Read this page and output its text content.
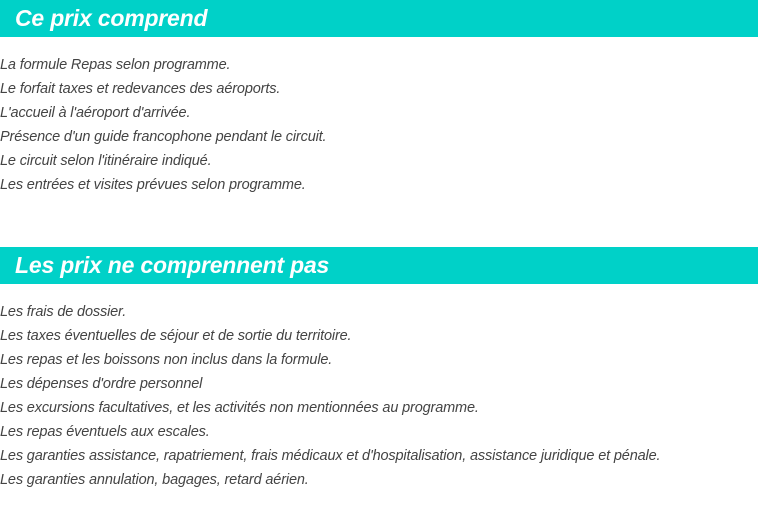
Ce prix comprend
La formule Repas selon programme.
Le forfait taxes et redevances des aéroports.
L'accueil à l'aéroport d'arrivée.
Présence d'un guide francophone pendant le circuit.
Le circuit selon l'itinéraire indiqué.
Les entrées et visites prévues selon programme.
Les prix ne comprennent pas
Les frais de dossier.
Les taxes éventuelles de séjour et de sortie du territoire.
Les repas et les boissons non inclus dans la formule.
Les dépenses d'ordre personnel
Les excursions facultatives, et les activités non mentionnées au programme.
Les repas éventuels aux escales.
Les garanties assistance, rapatriement, frais médicaux et d'hospitalisation, assistance juridique et pénale.
Les garanties annulation, bagages, retard aérien.
